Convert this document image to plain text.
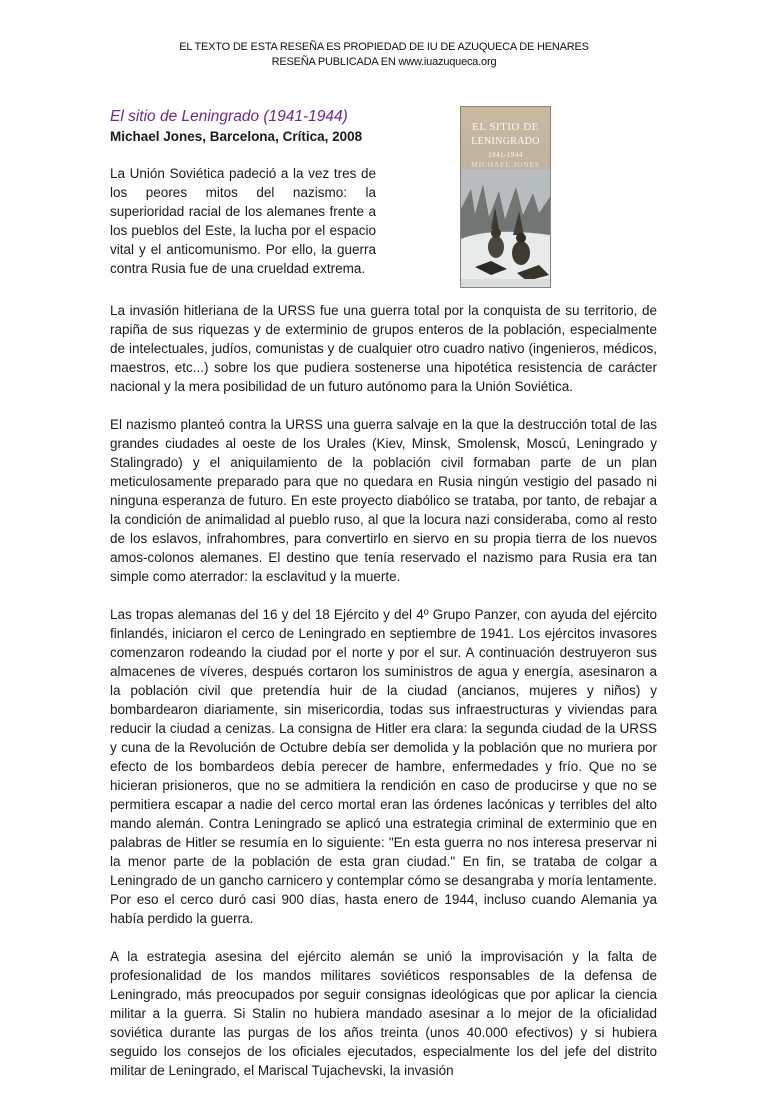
EL TEXTO DE ESTA RESEÑA ES PROPIEDAD DE IU DE AZUQUECA DE HENARES
RESEÑA PUBLICADA EN www.iuazuqueca.org
El sitio de Leningrado (1941-1944)
Michael Jones, Barcelona, Crítica, 2008

La Unión Soviética padeció a la vez tres de los peores mitos del nazismo: la superioridad racial de los alemanes frente a los pueblos del Este, la lucha por el espacio vital y el anticomunismo. Por ello, la guerra contra Rusia fue de una crueldad extrema.

EL SITIO DE
LENINGRADO
1941-1944
MICHAEL JONES

La invasión hitleriana de la URSS fue una guerra total por la conquista de su territorio, de rapiña de sus riquezas y de exterminio de grupos enteros de la población, especialmente de intelectuales, judíos, comunistas y de cualquier otro cuadro nativo (ingenieros, médicos, maestros, etc...) sobre los que pudiera sostenerse una hipotética resistencia de carácter nacional y la mera posibilidad de un futuro autónomo para la Unión Soviética.

El nazismo planteó contra la URSS una guerra salvaje en la que la destrucción total de las grandes ciudades al oeste de los Urales (Kiev, Minsk, Smolensk, Moscú, Leningrado y Stalingrado) y el aniquilamiento de la población civil formaban parte de un plan meticulosamente preparado para que no quedara en Rusia ningún vestigio del pasado ni ninguna esperanza de futuro. En este proyecto diabólico se trataba, por tanto, de rebajar a la condición de animalidad al pueblo ruso, al que la locura nazi consideraba, como al resto de los eslavos, infrahombres, para convertirlo en siervo en su propia tierra de los nuevos amos-colonos alemanes. El destino que tenía reservado el nazismo para Rusia era tan simple como aterrador: la esclavitud y la muerte.

Las tropas alemanas del 16 y del 18 Ejército y del 4º Grupo Panzer, con ayuda del ejército finlandés, iniciaron el cerco de Leningrado en septiembre de 1941. Los ejércitos invasores comenzaron rodeando la ciudad por el norte y por el sur. A continuación destruyeron sus almacenes de víveres, después cortaron los suministros de agua y energía, asesinaron a la población civil que pretendía huir de la ciudad (ancianos, mujeres y niños) y bombardearon diariamente, sin misericordia, todas sus infraestructuras y viviendas para reducir la ciudad a cenizas. La consigna de Hitler era clara: la segunda ciudad de la URSS y cuna de la Revolución de Octubre debía ser demolida y la población que no muriera por efecto de los bombardeos debía perecer de hambre, enfermedades y frío. Que no se hicieran prisioneros, que no se admitiera la rendición en caso de producirse y que no se permitiera escapar a nadie del cerco mortal eran las órdenes lacónicas y terribles del alto mando alemán. Contra Leningrado se aplicó una estrategia criminal de exterminio que en palabras de Hitler se resumía en lo siguiente: "En esta guerra no nos interesa preservar ni la menor parte de la población de esta gran ciudad." En fin, se trataba de colgar a Leningrado de un gancho carnicero y contemplar cómo se desangraba y moría lentamente. Por eso el cerco duró casi 900 días, hasta enero de 1944, incluso cuando Alemania ya había perdido la guerra.

A la estrategia asesina del ejército alemán se unió la improvisación y la falta de profesionalidad de los mandos militares soviéticos responsables de la defensa de Leningrado, más preocupados por seguir consignas ideológicas que por aplicar la ciencia militar a la guerra. Si Stalin no hubiera mandado asesinar a lo mejor de la oficialidad soviética durante las purgas de los años treinta (unos 40.000 efectivos) y si hubiera seguido los consejos de los oficiales ejecutados, especialmente los del jefe del distrito militar de Leningrado, el Mariscal Tujachevski, la invasión
